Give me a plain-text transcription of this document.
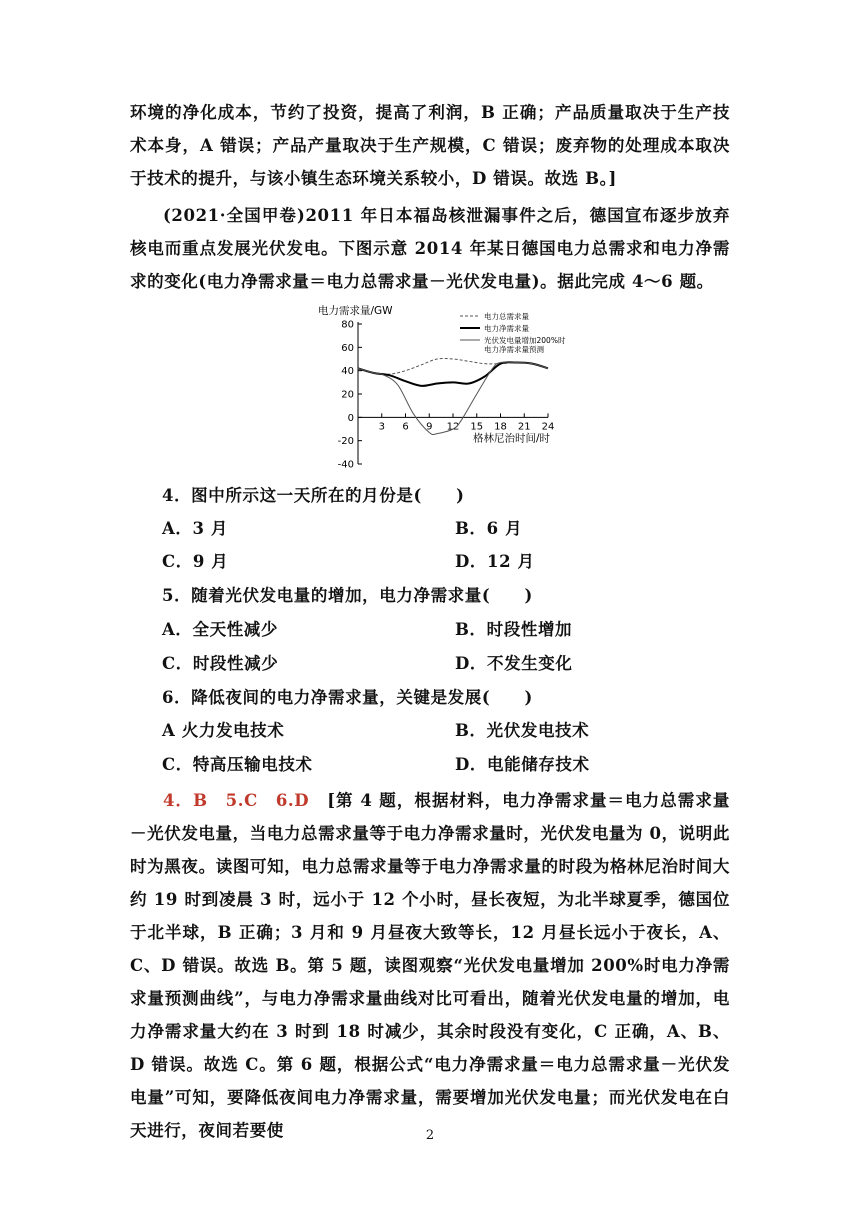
环境的净化成本，节约了投资，提高了利润，B 正确；产品质量取决于生产技术本身，A 错误；产品产量取决于生产规模，C 错误；废弃物的处理成本取决于技术的提升，与该小镇生态环境关系较小，D 错误。故选 B。]
(2021·全国甲卷)2011 年日本福岛核泄漏事件之后，德国宣布逐步放弃核电而重点发展光伏发电。下图示意 2014 年某日德国电力总需求和电力净需求的变化(电力净需求量＝电力总需求量－光伏发电量)。据此完成 4～6 题。
电力需求量/GW
80
60
40
20
0
-20
-40
3 6 9 12 15 18 21 24
格林尼治时间/时
电力总需求量
电力净需求量
光伏发电量增加200%时
电力净需求量预测
4．图中所示这一天所在的月份是(　　)
A．3 月	B．6 月
C．9 月	D．12 月
5．随着光伏发电量的增加，电力净需求量(　　)
A．全天性减少	B．时段性增加
C．时段性减少	D．不发生变化
6．降低夜间的电力净需求量，关键是发展(　　)
A 火力发电技术	B．光伏发电技术
C．特高压输电技术	D．电能储存技术
4．B　5.C　6.D　 [第 4 题，根据材料，电力净需求量＝电力总需求量－光伏发电量，当电力总需求量等于电力净需求量时，光伏发电量为 0，说明此时为黑夜。读图可知，电力总需求量等于电力净需求量的时段为格林尼治时间大约 19 时到凌晨 3 时，远小于 12 个小时，昼长夜短，为北半球夏季，德国位于北半球，B 正确；3 月和 9 月昼夜大致等长，12 月昼长远小于夜长，A、C、D 错误。故选 B。第 5 题，读图观察“光伏发电量增加 200%时电力净需求量预测曲线”，与电力净需求量曲线对比可看出，随着光伏发电量的增加，电力净需求量大约在 3 时到 18 时减少，其余时段没有变化，C 正确，A、B、D 错误。故选 C。第 6 题，根据公式“电力净需求量＝电力总需求量－光伏发电量”可知，要降低夜间电力净需求量，需要增加光伏发电量；而光伏发电在白天进行，夜间若要使	2
